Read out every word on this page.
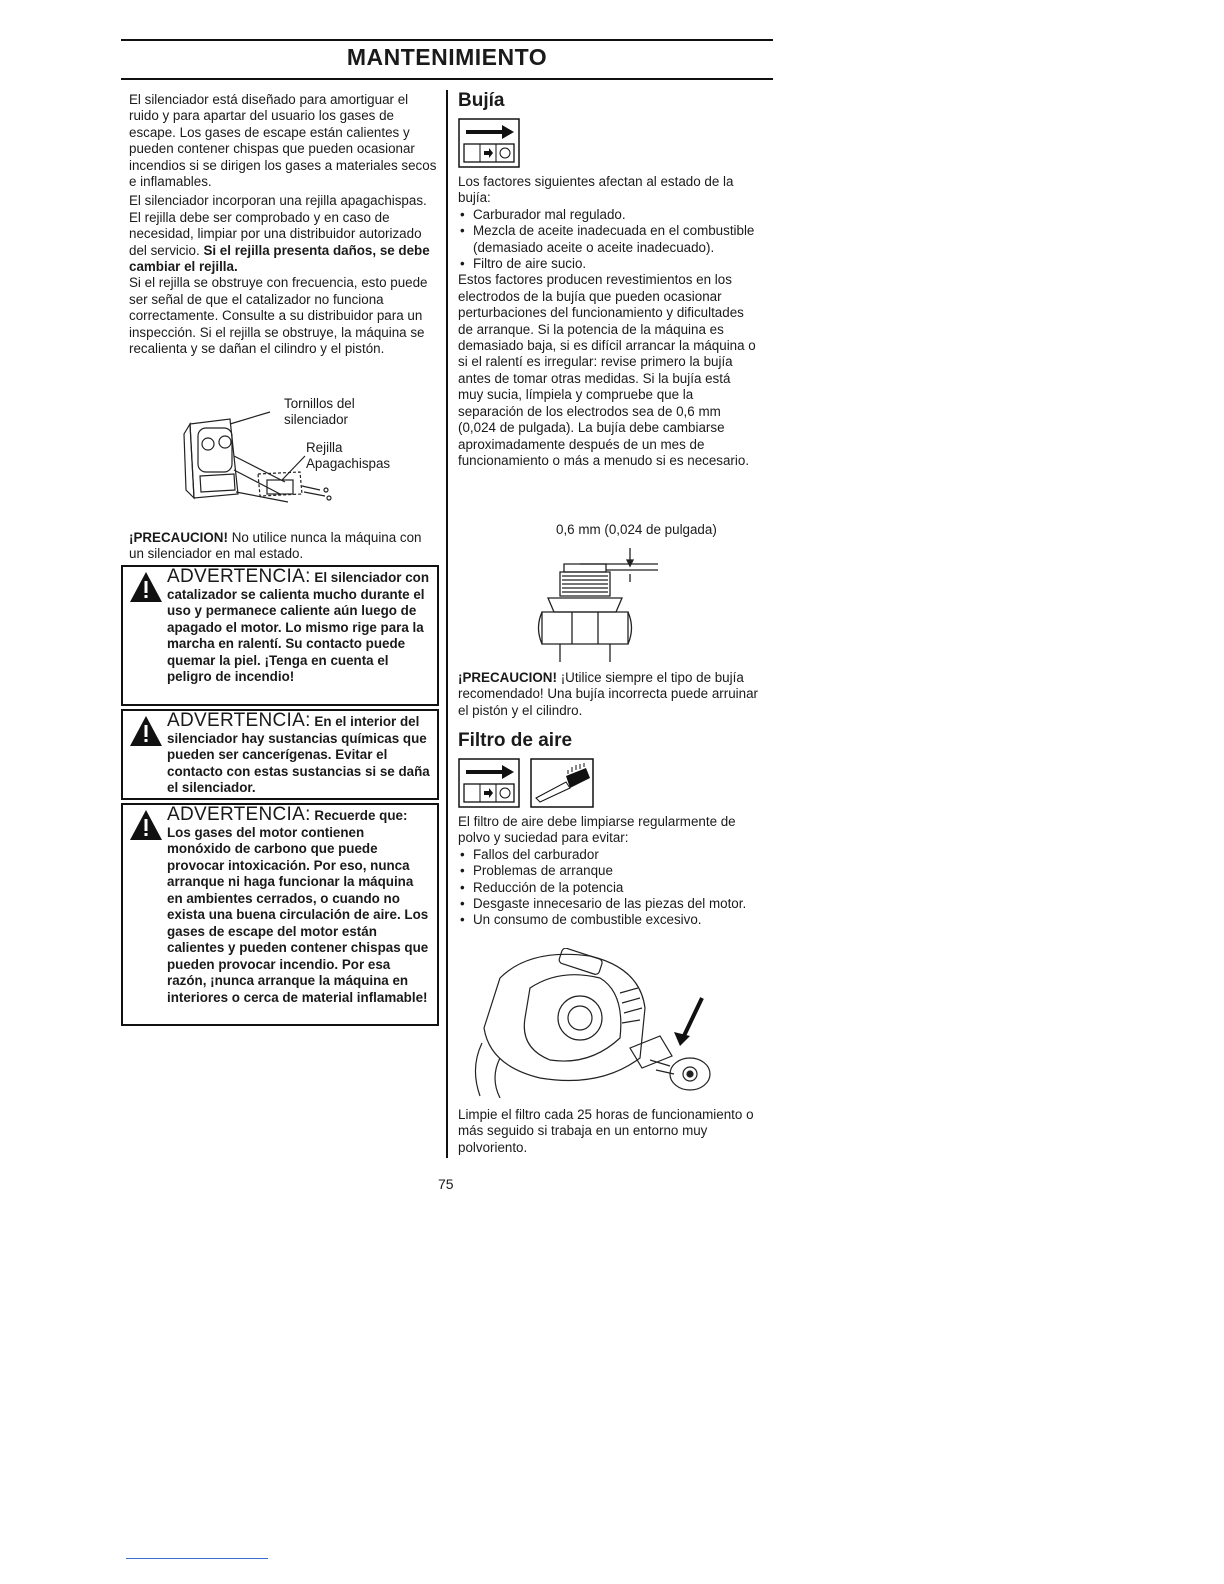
MANTENIMIENTO

El silenciador está diseñado para amortiguar el ruido y para apartar del usuario los gases de escape. Los gases de escape están calientes y pueden contener chispas que pueden ocasionar incendios si se dirigen los gases a materiales secos e inflamables.

El silenciador incorporan una rejilla apagachispas. El rejilla debe ser comprobado y en caso de necesidad, limpiar por una distribuidor autorizado del servicio. Si el rejilla presenta daños, se debe cambiar el rejilla.

Si el rejilla se obstruye con frecuencia, esto puede ser señal de que el catalizador no funciona correctamente. Consulte a su distribuidor para un inspección. Si el rejilla se obstruye, la máquina se recalienta y se dañan el cilindro y el pistón.

Tornillos del
silenciador
Rejilla
Apagachispas
¡PRECAUCION! No utilice nunca la máquina con un silenciador en mal estado.
ADVERTENCIA: El silenciador con catalizador se calienta mucho durante el uso y permanece caliente aún luego de apagado el motor. Lo mismo rige para la marcha en ralentí. Su contacto puede quemar la piel. ¡Tenga en cuenta el peligro de incendio!
ADVERTENCIA: En el interior del silenciador hay sustancias químicas que pueden ser cancerígenas. Evitar el contacto con estas sustancias si se daña el silenciador.
ADVERTENCIA: Recuerde que: Los gases del motor contienen monóxido de carbono que puede provocar intoxicación. Por eso, nunca arranque ni haga funcionar la máquina en ambientes cerrados, o cuando no exista una buena circulación de aire. Los gases de escape del motor están calientes y pueden contener chispas que pueden provocar incendio. Por esa razón, ¡nunca arranque la máquina en interiores o cerca de material inflamable!
Bujía

Los factores siguientes afectan al estado de la bujía:

• Carburador mal regulado.
• Mezcla de aceite inadecuada en el combustible (demasiado aceite o aceite inadecuado).
• Filtro de aire sucio.

Estos factores producen revestimientos en los electrodos de la bujía que pueden ocasionar perturbaciones del funcionamiento y dificultades de arranque. Si la potencia de la máquina es demasiado baja, si es difícil arrancar la máquina o si el ralentí es irregular: revise primero la bujía antes de tomar otras medidas. Si la bujía está muy sucia, límpiela y compruebe que la separación de los electrodos sea de 0,6 mm (0,024 de pulgada). La bujía debe cambiarse aproximadamente después de un mes de funcionamiento o más a menudo si es necesario.

0,6 mm (0,024 de pulgada)
¡PRECAUCION! ¡Utilice siempre el tipo de bujía recomendado! Una bujía incorrecta puede arruinar el pistón y el cilindro.
Filtro de aire

El filtro de aire debe limpiarse regularmente de polvo y suciedad para evitar:

• Fallos del carburador
• Problemas de arranque
• Reducción de la potencia
• Desgaste innecesario de las piezas del motor.
• Un consumo de combustible excesivo.
Limpie el filtro cada 25 horas de funcionamiento o más seguido si trabaja en un entorno muy polvoriento.
75
